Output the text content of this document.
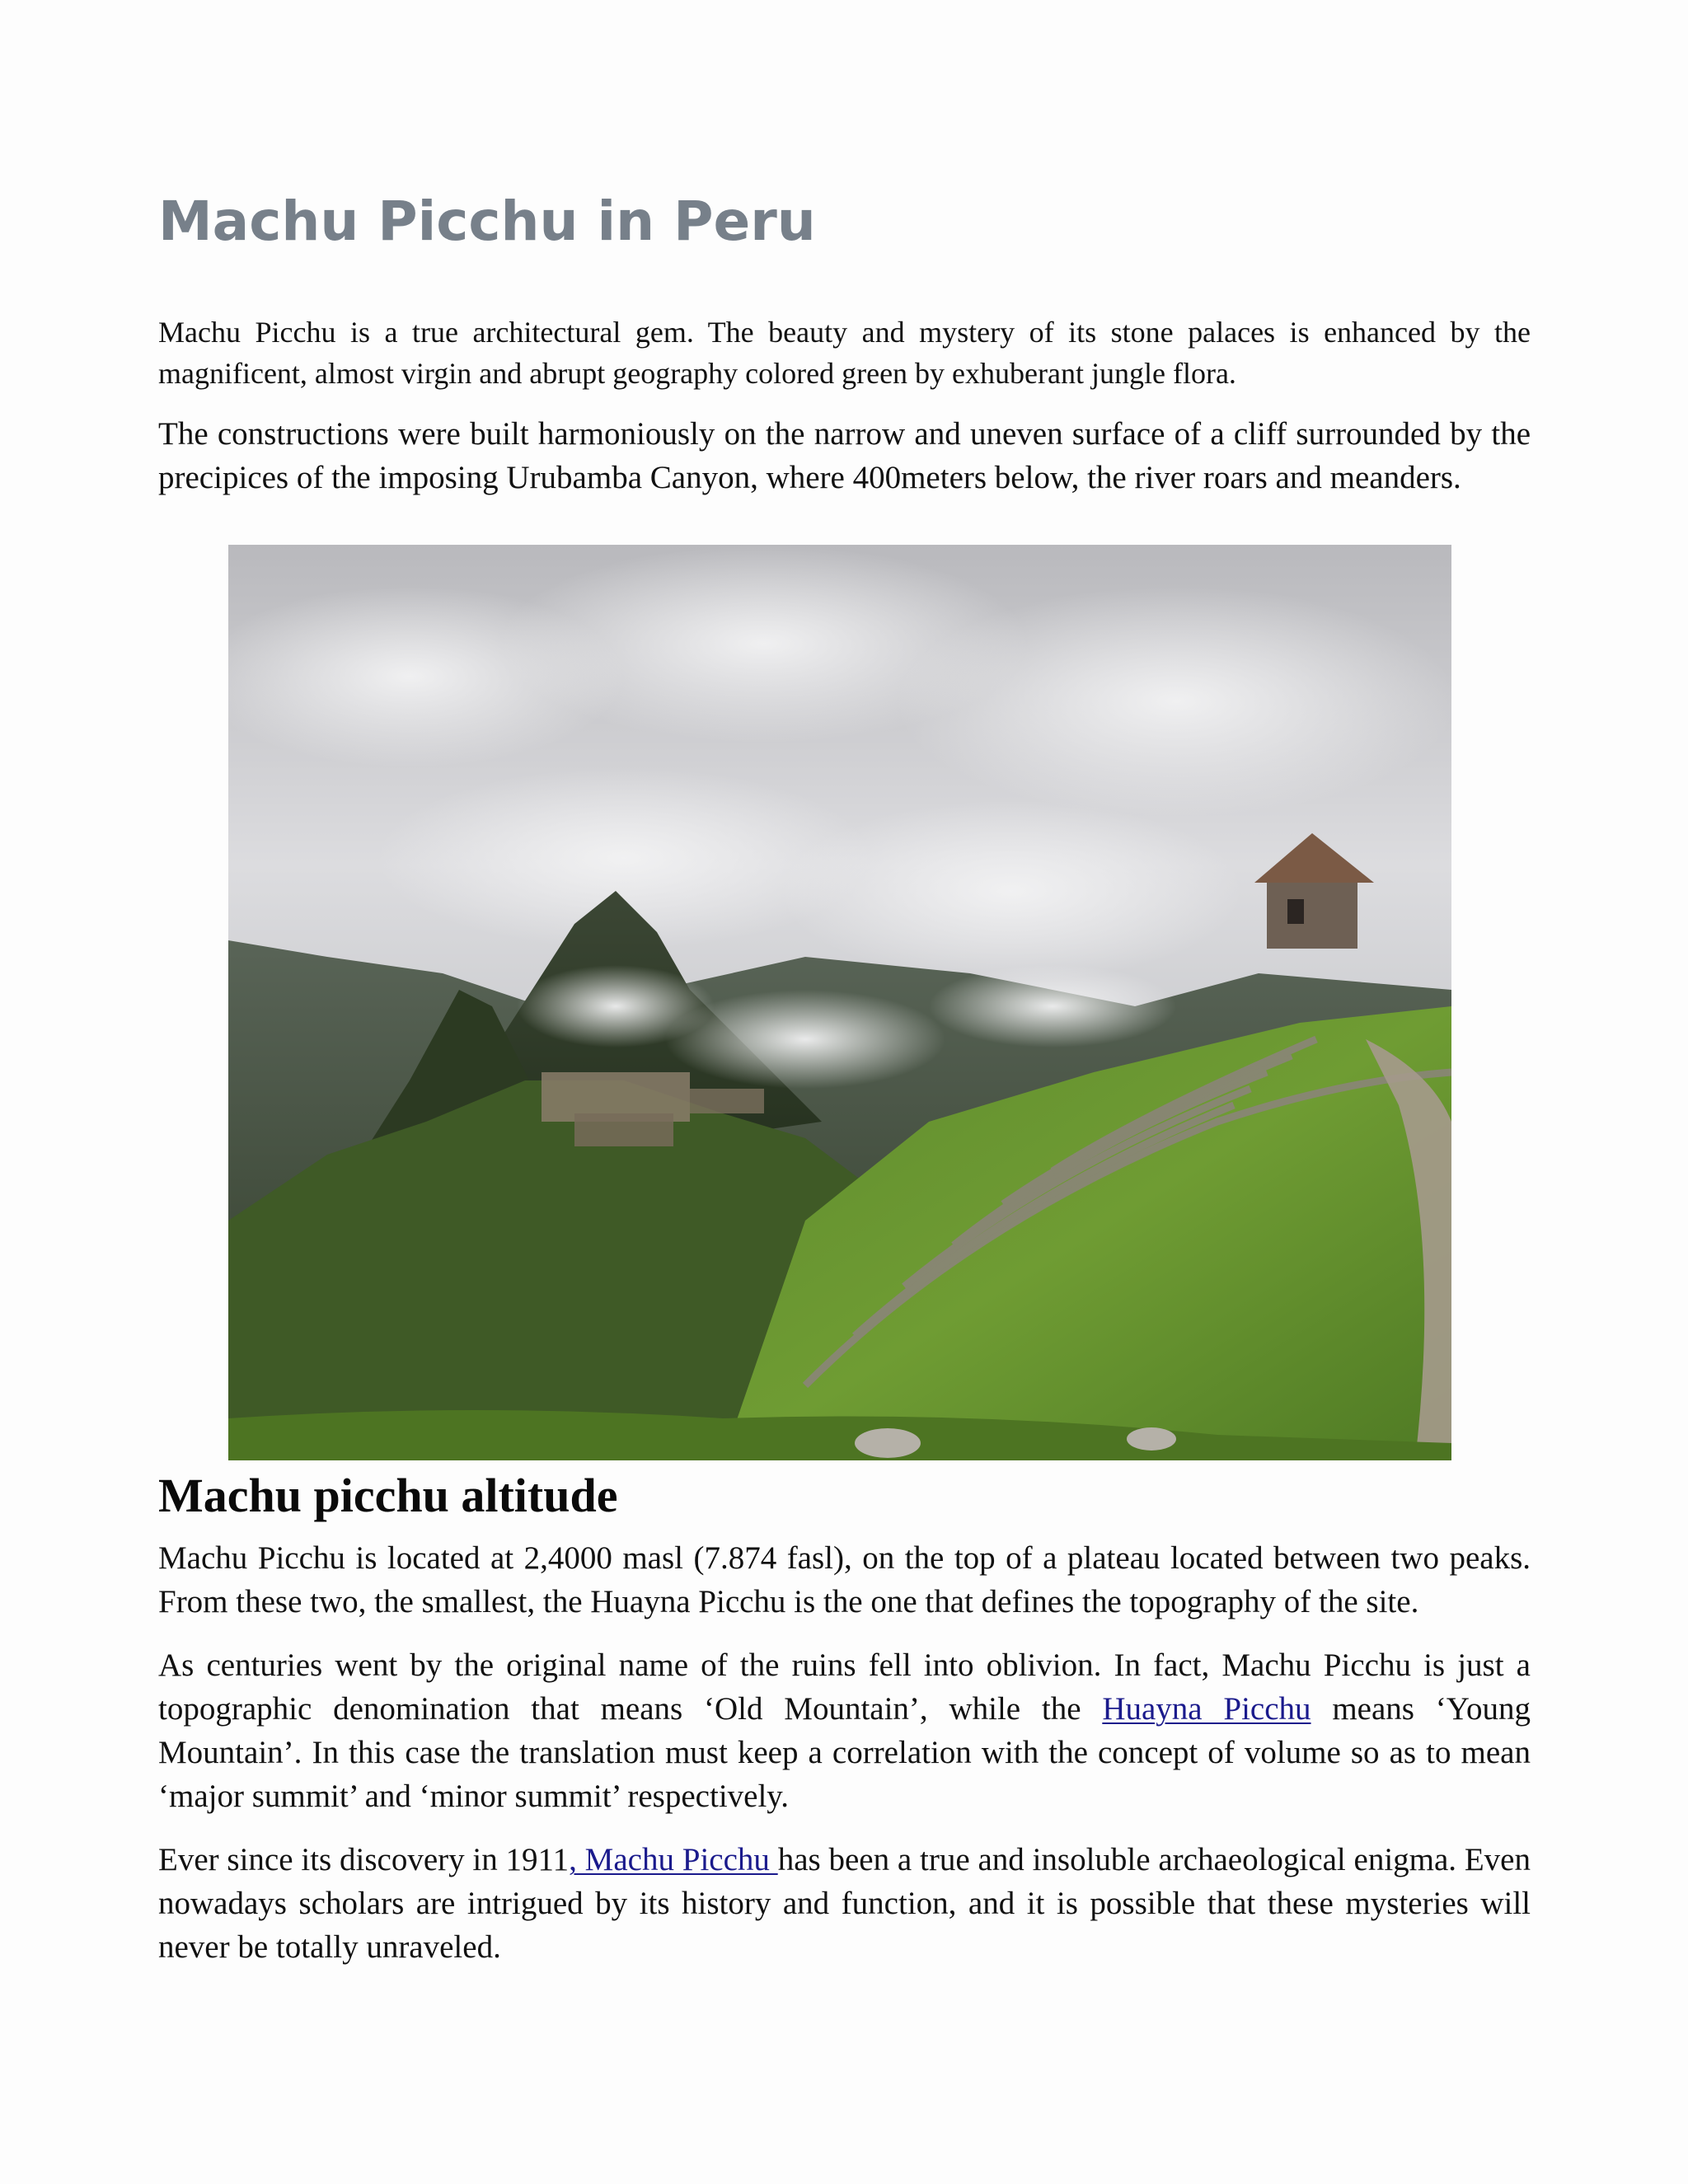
Machu Picchu in Peru

Machu Picchu is a true architectural gem. The beauty and mystery of its stone palaces is enhanced by the magnificent, almost virgin and abrupt geography colored green by exhuberant jungle flora.

The constructions were built harmoniously on the narrow and uneven surface of a cliff surrounded by the precipices of the imposing Urubamba Canyon, where 400meters below, the river roars and meanders.

Machu picchu altitude

Machu Picchu is located at 2,4000 masl (7.874 fasl), on the top of a plateau located between two peaks. From these two, the smallest, the Huayna Picchu is the one that defines the topography of the site.

As centuries went by the original name of the ruins fell into oblivion. In fact, Machu Picchu is just a topographic denomination that means ‘Old Mountain’, while the Huayna Picchu means ‘Young Mountain’. In this case the translation must keep a correlation with the concept of volume so as to mean ‘major summit’ and ‘minor summit’ respectively.

Ever since its discovery in 1911, Machu Picchu has been a true and insoluble archaeological enigma. Even nowadays scholars are intrigued by its history and function, and it is possible that these mysteries will never be totally unraveled.
